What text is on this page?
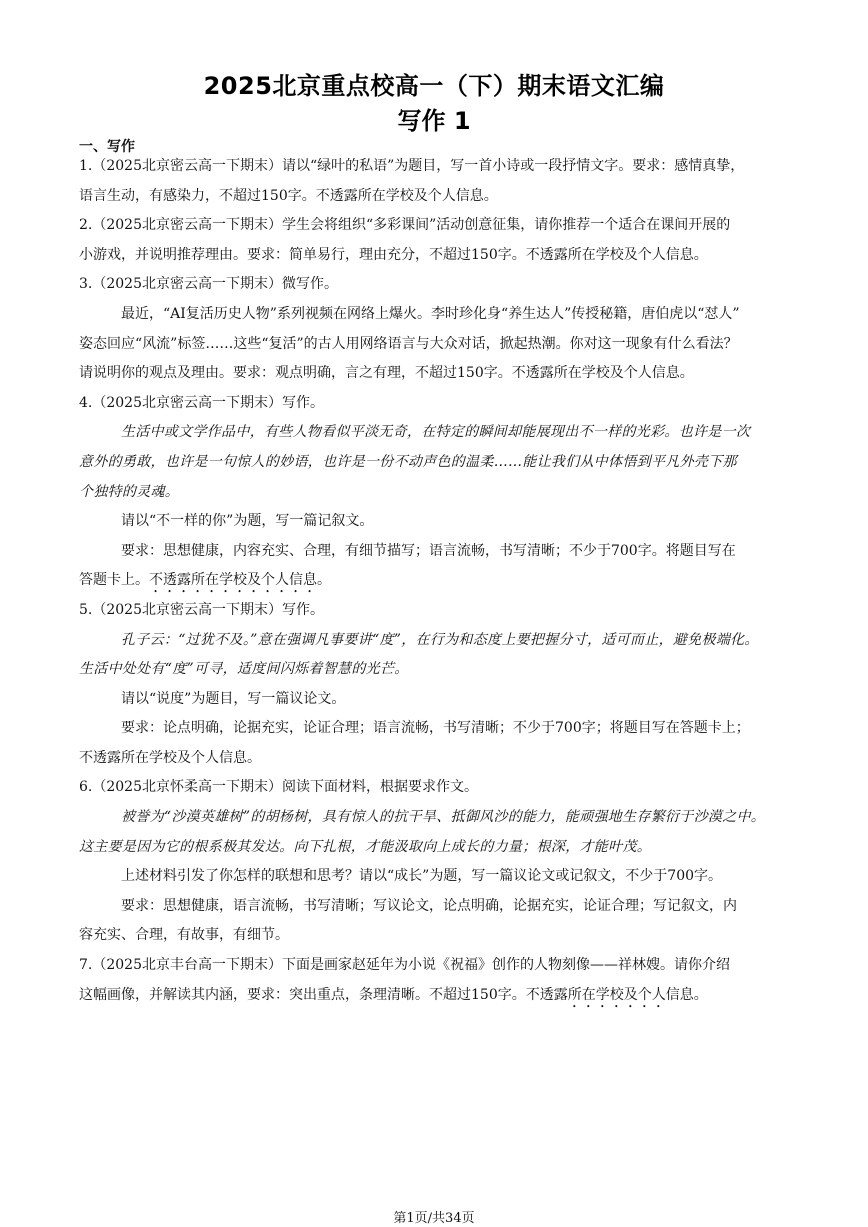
2025北京重点校高一（下）期末语文汇编
写作 1
一、写作
1.（2025北京密云高一下期末）请以“绿叶的私语”为题目，写一首小诗或一段抒情文字。要求：感情真挚，
语言生动，有感染力，不超过150字。不透露所在学校及个人信息。
2.（2025北京密云高一下期末）学生会将组织“多彩课间”活动创意征集，请你推荐一个适合在课间开展的
小游戏，并说明推荐理由。要求：简单易行，理由充分，不超过150字。不透露所在学校及个人信息。
3.（2025北京密云高一下期末）微写作。
最近，“AI复活历史人物”系列视频在网络上爆火。李时珍化身“养生达人”传授秘籍，唐伯虎以“怼人”
姿态回应“风流”标签……这些“复活”的古人用网络语言与大众对话，掀起热潮。你对这一现象有什么看法？
请说明你的观点及理由。要求：观点明确，言之有理，不超过150字。不透露所在学校及个人信息。
4.（2025北京密云高一下期末）写作。
生活中或文学作品中，有些人物看似平淡无奇，在特定的瞬间却能展现出不一样的光彩。也许是一次
意外的勇敢，也许是一句惊人的妙语，也许是一份不动声色的温柔……能让我们从中体悟到平凡外壳下那
个独特的灵魂。
请以“不一样的你”为题，写一篇记叙文。
要求：思想健康，内容充实、合理，有细节描写；语言流畅，书写清晰；不少于700字。将题目写在
答题卡上。不透露所在学校及个人信息。
5.（2025北京密云高一下期末）写作。
孔子云：“过犹不及。”意在强调凡事要讲“度”，在行为和态度上要把握分寸，适可而止，避免极端化。
生活中处处有“度”可寻，适度间闪烁着智慧的光芒。
请以“说度”为题目，写一篇议论文。
要求：论点明确，论据充实，论证合理；语言流畅，书写清晰；不少于700字；将题目写在答题卡上；
不透露所在学校及个人信息。
6.（2025北京怀柔高一下期末）阅读下面材料，根据要求作文。
被誉为“沙漠英雄树”的胡杨树，具有惊人的抗干旱、抵御风沙的能力，能顽强地生存繁衍于沙漠之中。
这主要是因为它的根系极其发达。向下扎根，才能汲取向上成长的力量；根深，才能叶茂。
上述材料引发了你怎样的联想和思考？请以“成长”为题，写一篇议论文或记叙文，不少于700字。
要求：思想健康，语言流畅，书写清晰；写议论文，论点明确，论据充实，论证合理；写记叙文，内
容充实、合理，有故事，有细节。
7.（2025北京丰台高一下期末）下面是画家赵延年为小说《祝福》创作的人物刻像——祥林嫂。请你介绍
这幅画像，并解读其内涵，要求：突出重点，条理清晰。不超过150字。不透露所在学校及个人信息。
第1页/共34页
